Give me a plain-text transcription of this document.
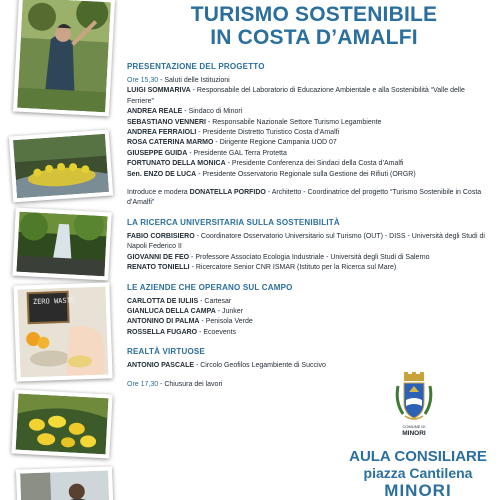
ZERO WASTE
TURISMO SOSTENIBILE
IN COSTA D’AMALFI
PRESENTAZIONE DEL PROGETTO
Ore 15,30 - Saluti delle Istituzioni
LUIGI SOMMARIVA - Responsabile del Laboratorio di Educazione Ambientale e alla Sostenibilità “Valle delle Ferriere”
ANDREA REALE - Sindaco di Minori
SEBASTIANO VENNERI - Responsabile Nazionale Settore Turismo Legambiente
ANDREA FERRAIOLI - Presidente Distretto Turistico Costa d’Amalfi
ROSA CATERINA MARMO - Dirigente Regione Campania UOD 07
GIUSEPPE GUIDA - Presidente GAL Terra Protetta
FORTUNATO DELLA MONICA - Presidente Conferenza dei Sindaci della Costa d’Amalfi
Sen. ENZO DE LUCA - Presidente Osservatorio Regionale sulla Gestione dei Rifiuti (ORGR)
Introduce e modera DONATELLA PORFIDO - Architetto - Coordinatrice del progetto “Turismo Sostenibile in Costa d’Amalfi”
LA RICERCA UNIVERSITARIA SULLA SOSTENIBILITÀ
FABIO CORBISIERO - Coordinatore Osservatorio Universitario sul Turismo (OUT) - DISS - Università degli Studi di Napoli Federico II
GIOVANNI DE FEO - Professore Associato Ecologia Industriale - Università degli Studi di Salerno
RENATO TONIELLI - Ricercatore Senior CNR ISMAR (Istituto per la Ricerca sul Mare)
LE AZIENDE CHE OPERANO SUL CAMPO
CARLOTTA DE IULIIS - Cartesar
GIANLUCA DELLA CAMPA - Junker
ANTONINO DI PALMA - Penisola Verde
ROSSELLA FUGARO - Ecoevents
REALTÀ VIRTUOSE
ANTONIO PASCALE - Circolo Geofilos Legambiente di Succivo
Ore 17,30 - Chiusura dei lavori
COMUNE DI
MINORI
AULA CONSILIARE
piazza Cantilena
MINORI
